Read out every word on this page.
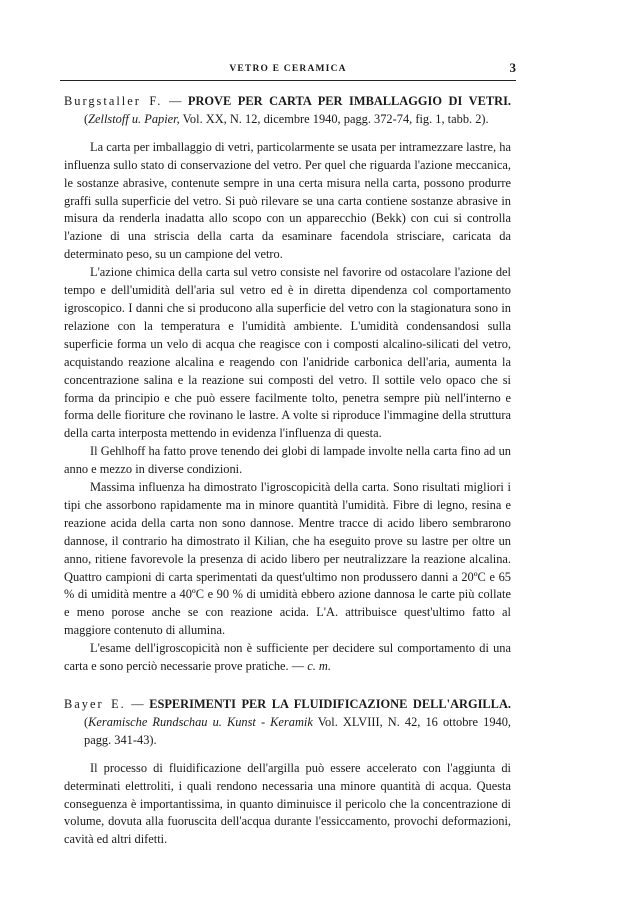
VETRO E CERAMICA	3

Burgstaller F. — PROVE PER CARTA PER IMBALLAGGIO DI VETRI. (Zellstoff u. Papier, Vol. XX, N. 12, dicembre 1940, pagg. 372-74, fig. 1, tabb. 2).

La carta per imballaggio di vetri, particolarmente se usata per intramezzare lastre, ha influenza sullo stato di conservazione del vetro. Per quel che riguarda l'azione meccanica, le sostanze abrasive, contenute sempre in una certa misura nella carta, possono produrre graffi sulla superficie del vetro. Si può rilevare se una carta contiene sostanze abrasive in misura da renderla inadatta allo scopo con un apparecchio (Bekk) con cui si controlla l'azione di una striscia della carta da esaminare facendola strisciare, caricata da determinato peso, su un campione del vetro.

L'azione chimica della carta sul vetro consiste nel favorire od ostacolare l'azione del tempo e dell'umidità dell'aria sul vetro ed è in diretta dipendenza col comportamento igroscopico. I danni che si producono alla superficie del vetro con la stagionatura sono in relazione con la temperatura e l'umidità ambiente. L'umidità condensandosi sulla superficie forma un velo di acqua che reagisce con i composti alcalino-silicati del vetro, acquistando reazione alcalina e reagendo con l'anidride carbonica dell'aria, aumenta la concentrazione salina e la reazione sui composti del vetro. Il sottile velo opaco che si forma da principio e che può essere facilmente tolto, penetra sempre più nell'interno e forma delle fioriture che rovinano le lastre. A volte si riproduce l'immagine della struttura della carta interposta mettendo in evidenza l'influenza di questa.

Il Gehlhoff ha fatto prove tenendo dei globi di lampade involte nella carta fino ad un anno e mezzo in diverse condizioni.

Massima influenza ha dimostrato l'igroscopicità della carta. Sono risultati migliori i tipi che assorbono rapidamente ma in minore quantità l'umidità. Fibre di legno, resina e reazione acida della carta non sono dannose. Mentre tracce di acido libero sembrarono dannose, il contrario ha dimostrato il Kilian, che ha eseguito prove su lastre per oltre un anno, ritiene favorevole la presenza di acido libero per neutralizzare la reazione alcalina. Quattro campioni di carta sperimentati da quest'ultimo non produssero danni a 20ºC e 65 % di umidità mentre a 40ºC e 90 % di umidità ebbero azione dannosa le carte più collate e meno porose anche se con reazione acida. L'A. attribuisce quest'ultimo fatto al maggiore contenuto di allumina.

L'esame dell'igroscopicità non è sufficiente per decidere sul comportamento di una carta e sono perciò necessarie prove pratiche. — c. m.

Bayer E. — ESPERIMENTI PER LA FLUIDIFICAZIONE DELL'ARGILLA. (Keramische Rundschau u. Kunst - Keramik Vol. XLVIII, N. 42, 16 ottobre 1940, pagg. 341-43).

Il processo di fluidificazione dell'argilla può essere accelerato con l'aggiunta di determinati elettroliti, i quali rendono necessaria una minore quantità di acqua. Questa conseguenza è importantissima, in quanto diminuisce il pericolo che la concentrazione di volume, dovuta alla fuoruscita dell'acqua durante l'essiccamento, provochi deformazioni, cavità ed altri difetti.
